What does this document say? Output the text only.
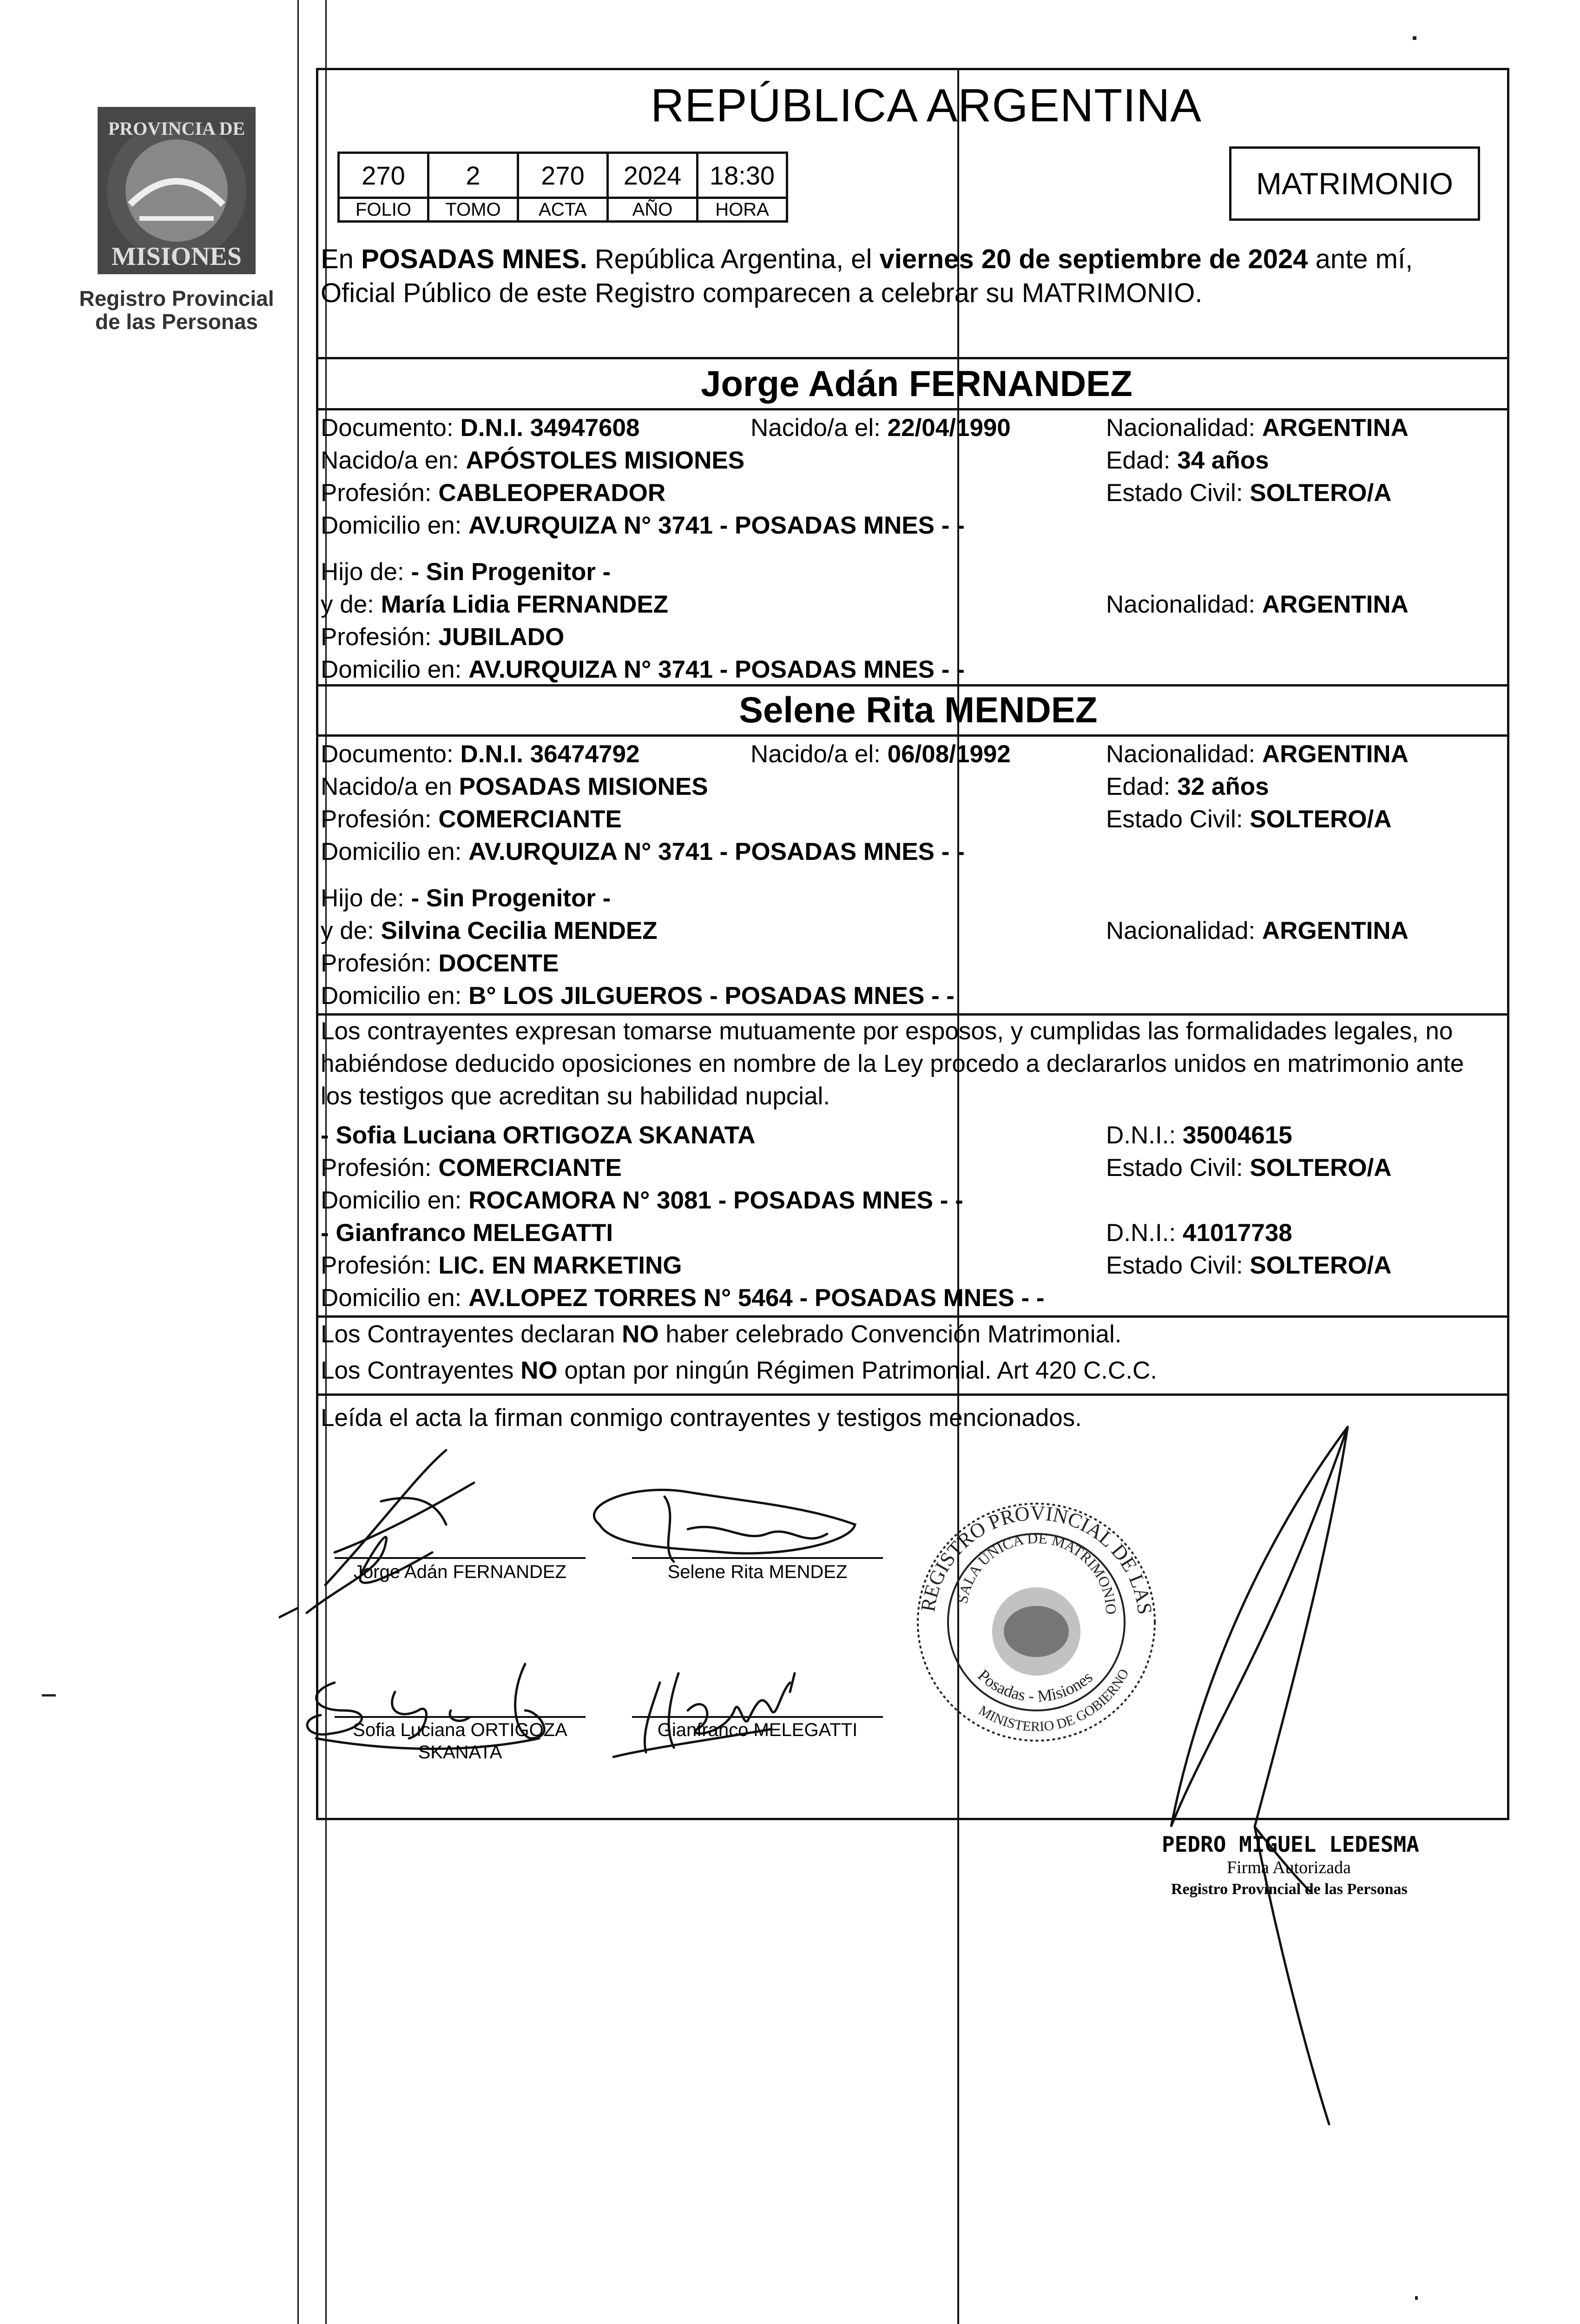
PROVINCIA DE
MISIONES
Registro Provincial
de las Personas
REPÚBLICA ARGENTINA
270	2	270	2024	18:30
FOLIO	TOMO	ACTA	AÑO	HORA
MATRIMONIO
En POSADAS MNES. República Argentina, el viernes 20 de septiembre de 2024 ante mí,
Oficial Público de este Registro comparecen a celebrar su MATRIMONIO.
Jorge Adán FERNANDEZ
Documento: D.N.I. 34947608	Nacido/a el: 22/04/1990	Nacionalidad: ARGENTINA
Nacido/a en: APÓSTOLES MISIONES	Edad: 34 años
Profesión: CABLEOPERADOR	Estado Civil: SOLTERO/A
Domicilio en: AV.URQUIZA N° 3741 - POSADAS MNES - -
Hijo de: - Sin Progenitor -
y de: María Lidia FERNANDEZ	Nacionalidad: ARGENTINA
Profesión: JUBILADO
Domicilio en: AV.URQUIZA N° 3741 - POSADAS MNES - -
Selene Rita MENDEZ
Documento: D.N.I. 36474792	Nacido/a el: 06/08/1992	Nacionalidad: ARGENTINA
Nacido/a en POSADAS MISIONES	Edad: 32 años
Profesión: COMERCIANTE	Estado Civil: SOLTERO/A
Domicilio en: AV.URQUIZA N° 3741 - POSADAS MNES - -
Hijo de: - Sin Progenitor -
y de: Silvina Cecilia MENDEZ	Nacionalidad: ARGENTINA
Profesión: DOCENTE
Domicilio en: B° LOS JILGUEROS - POSADAS MNES - -
Los contrayentes expresan tomarse mutuamente por esposos, y cumplidas las formalidades legales, no
habiéndose deducido oposiciones en nombre de la Ley procedo a declararlos unidos en matrimonio ante
los testigos que acreditan su habilidad nupcial.
- Sofia Luciana ORTIGOZA SKANATA	D.N.I.: 35004615
Profesión: COMERCIANTE	Estado Civil: SOLTERO/A
Domicilio en: ROCAMORA N° 3081 - POSADAS MNES - -
- Gianfranco MELEGATTI	D.N.I.: 41017738
Profesión: LIC. EN MARKETING	Estado Civil: SOLTERO/A
Domicilio en: AV.LOPEZ TORRES N° 5464 - POSADAS MNES - -
Los Contrayentes declaran NO haber celebrado Convención Matrimonial.
Los Contrayentes NO optan por ningún Régimen Patrimonial. Art 420 C.C.C.
Leída el acta la firman conmigo contrayentes y testigos mencionados.
Jorge Adán FERNANDEZ	Selene Rita MENDEZ
Sofia Luciana ORTIGOZA
SKANATA
Gianfranco MELEGATTI
REGISTRO PROVINCIAL DE LAS
SALA ÚNICA DE MATRIMONIO
Posadas - Misiones
MINISTERIO DE GOBIERNO
PEDRO MIGUEL LEDESMA
Firma Autorizada
Registro Provincial de las Personas
